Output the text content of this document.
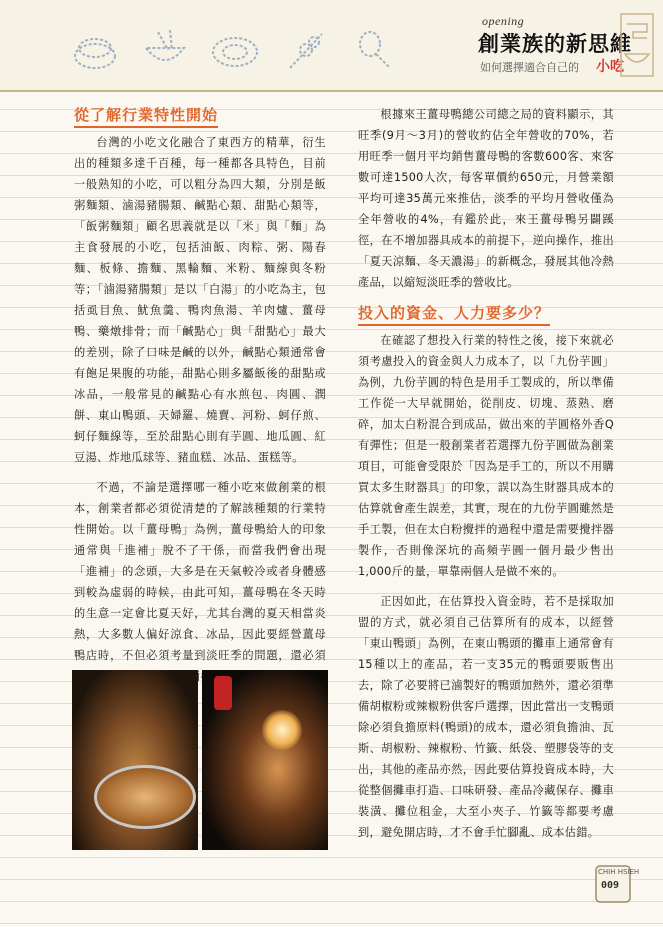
opening
創業族的新思維
如何選擇適合自己的 小吃
從了解行業特性開始

台灣的小吃文化融合了東西方的精華，衍生出的種類多達千百種，每一種都各具特色，目前一般熟知的小吃，可以粗分為四大類，分別是飯粥麵類、滷湯豬腸類、鹹點心類、甜點心類等，「飯粥麵類」顧名思義就是以「米」與「麵」為主食發展的小吃，包括油飯、肉粽、粥、陽春麵、板條、擔麵、黑輪麵、米粉、麵線與冬粉等；「滷湯豬腸類」是以「白湯」的小吃為主，包括虱目魚、魷魚羹、鴨肉魚湯、羊肉爐、薑母鴨、藥燉排骨；而「鹹點心」與「甜點心」最大的差別，除了口味是鹹的以外，鹹點心類通常會有飽足果腹的功能，甜點心則多屬飯後的甜點或冰品，一般常見的鹹點心有水煎包、肉圓、潤餅、東山鴨頭、天婦羅、燒賣、河粉、蚵仔煎、蚵仔麵線等，至於甜點心則有芋圓、地瓜圓、紅豆湯、炸地瓜球等、豬血糕、冰品、蛋糕等。

不過，不論是選擇哪一種小吃來做創業的根本，創業者都必須從清楚的了解該種類的行業特性開始。以「薑母鴨」為例，薑母鴨給人的印象通常與「進補」脫不了干係，而當我們會出現「進補」的念頭，大多是在天氣較冷或者身體感到較為虛弱的時候，由此可知，薑母鴨在冬天時的生意一定會比夏天好，尤其台灣的夏天相當炎熱，大多數人偏好涼食、冰品，因此要經營薑母鴨店時，不但必須考量到淡旺季的問題，還必須 兩極

根據來王薑母鴨總公司總之局的資料顯示，其旺季(9月～3月)的營收約佔全年營收的70%，若用旺季一個月平均銷售薑母鴨的客數600客、來客數可達1500人次，每客單價約650元，月營業額平均可達35萬元來推估，淡季的平均月營收僅為全年營收的4%，有鑑於此，來王薑母鴨另闢蹊徑，在不增加器具成本的前提下，逆向操作，推出「夏天涼麵、冬天濃湯」的新概念，發展其他冷熱產品，以縮短淡旺季的營收比。

投入的資金、人力要多少？

在確認了想投入行業的特性之後，接下來就必須考慮投入的資金與人力成本了，以「九份芋圓」為例，九份芋圓的特色是用手工製成的，所以準備工作從一大早就開始，從削皮、切塊、蒸熟、磨碎，加太白粉混合到成品，做出來的芋圓格外香Q有彈性；但是一般創業者若選擇九份芋圓做為創業項目，可能會受限於「因為是手工的，所以不用購買太多生財器具」的印象，誤以為生財器具成本的估算就會產生誤差，其實，現在的九份芋圓雖然是手工製，但在太白粉攪拌的過程中還是需要攪拌器製作，否則像深坑的高頻芋圓一個月最少售出1,000斤的量，單靠兩個人是做不來的。

正因如此，在估算投入資金時，若不是採取加盟的方式，就必須自己估算所有的成本，以經營「東山鴨頭」為例，在東山鴨頭的攤車上通常會有15種以上的產品，若一支35元的鴨頭要販售出去，除了必要將已滷製好的鴨頭加熱外，還必須準備胡椒粉或辣椒粉供客戶選擇，因此當出一支鴨頭除必須負擔原料(鴨頭)的成本，還必須負擔油、瓦斯、胡椒粉、辣椒粉、竹籤、紙袋、塑膠袋等的支出，其他的產品亦然，因此要估算投資成本時，大從整個攤車打造、口味研發、產品冷藏保存、攤車裝潢、攤位租金，大至小夾子、竹籤等都要考慮到，避免開店時，才不會手忙腳亂、成本估錯。

CHIH HSIEH
009
